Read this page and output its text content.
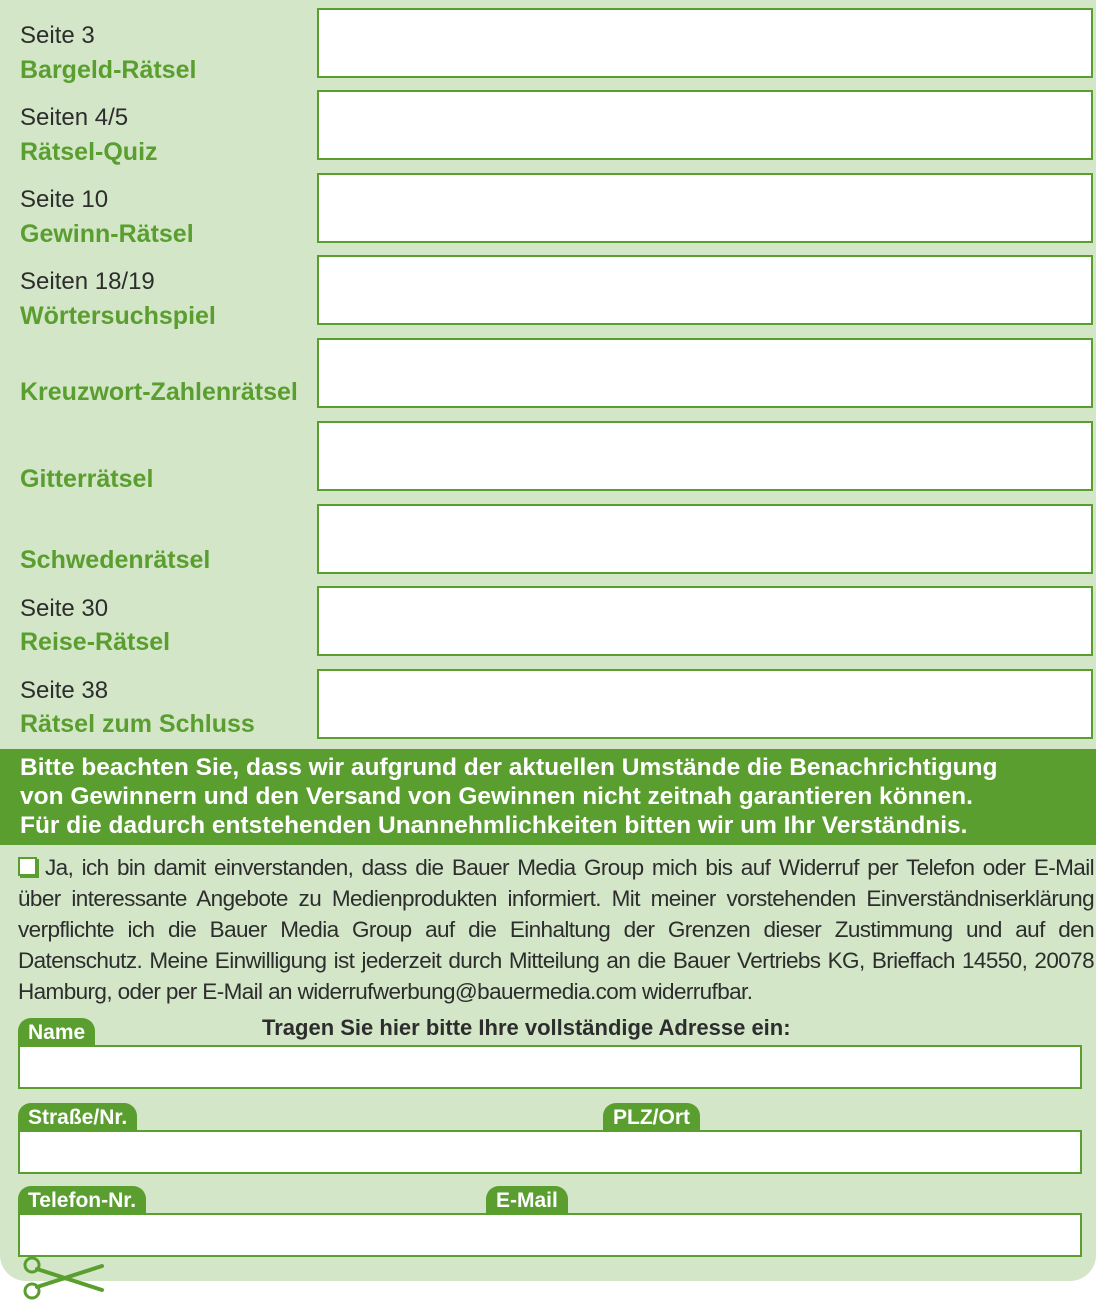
Seite 3
Bargeld-Rätsel
Seiten 4/5
Rätsel-Quiz
Seite 10
Gewinn-Rätsel
Seiten 18/19
Wörtersuchspiel
Kreuzwort-Zahlenrätsel
Gitterrätsel
Schwedenrätsel
Seite 30
Reise-Rätsel
Seite 38
Rätsel zum Schluss
Bitte beachten Sie, dass wir aufgrund der aktuellen Umstände die Benachrichtigung
von Gewinnern und den Versand von Gewinnen nicht zeitnah garantieren können.
Für die dadurch entstehenden Unannehmlichkeiten bitten wir um Ihr Verständnis.
Ja, ich bin damit einverstanden, dass die Bauer Media Group mich bis auf Widerruf per Telefon oder E-Mail über interessante Angebote zu Medienprodukten informiert. Mit meiner vorstehenden Einverständniserklärung verpflichte ich die Bauer Media Group auf die Einhaltung der Grenzen dieser Zustimmung und auf den Datenschutz. Meine Einwilligung ist jederzeit durch Mitteilung an die Bauer Vertriebs KG, Brieffach 14550, 20078 Hamburg, oder per E-Mail an widerrufwerbung@bauermedia.com widerrufbar.
Tragen Sie hier bitte Ihre vollständige Adresse ein:
Name
Straße/Nr.	PLZ/Ort
Telefon-Nr.	E-Mail
